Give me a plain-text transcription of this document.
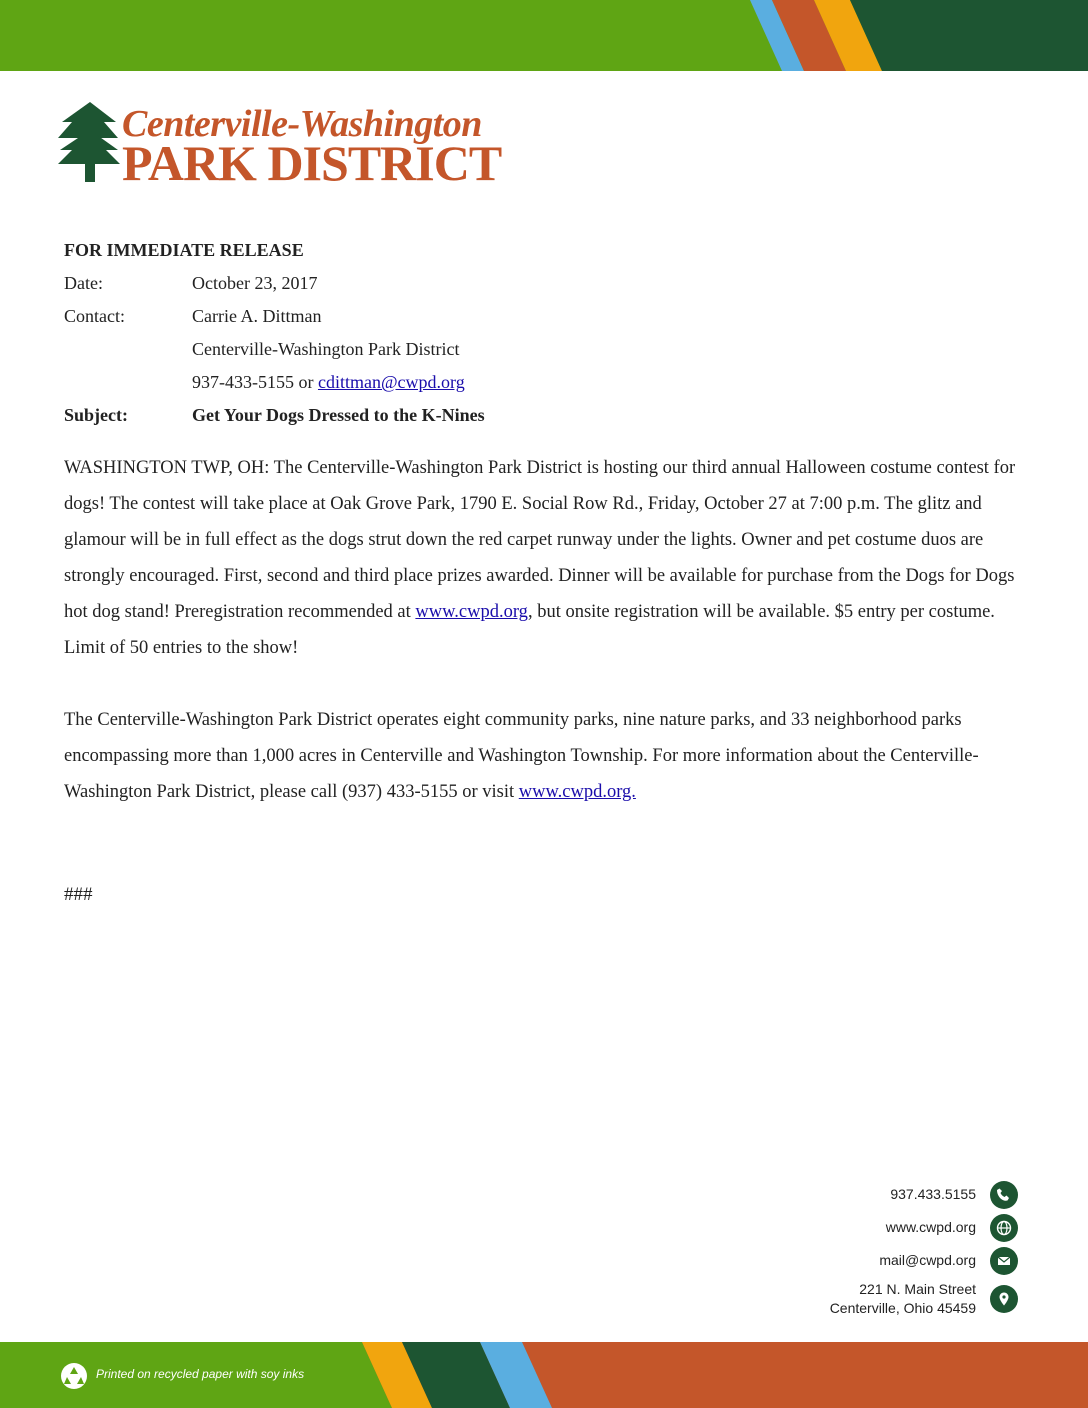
Centerville-Washington
PARK DISTRICT
FOR IMMEDIATE RELEASE
Date:	October 23, 2017
Contact:	Carrie A. Dittman
Centerville-Washington Park District
937-433-5155 or cdittman@cwpd.org
Subject:	Get Your Dogs Dressed to the K-Nines

WASHINGTON TWP, OH: The Centerville-Washington Park District is hosting our third annual Halloween costume contest for dogs! The contest will take place at Oak Grove Park, 1790 E. Social Row Rd., Friday, October 27 at 7:00 p.m. The glitz and glamour will be in full effect as the dogs strut down the red carpet runway under the lights. Owner and pet costume duos are strongly encouraged. First, second and third place prizes awarded. Dinner will be available for purchase from the Dogs for Dogs hot dog stand! Preregistration recommended at www.cwpd.org, but onsite registration will be available. $5 entry per costume. Limit of 50 entries to the show!

The Centerville-Washington Park District operates eight community parks, nine nature parks, and 33 neighborhood parks encompassing more than 1,000 acres in Centerville and Washington Township. For more information about the Centerville-Washington Park District, please call (937) 433-5155 or visit www.cwpd.org.

###
937.433.5155
www.cwpd.org
mail@cwpd.org
221 N. Main Street
Centerville, Ohio 45459
Printed on recycled paper with soy inks
